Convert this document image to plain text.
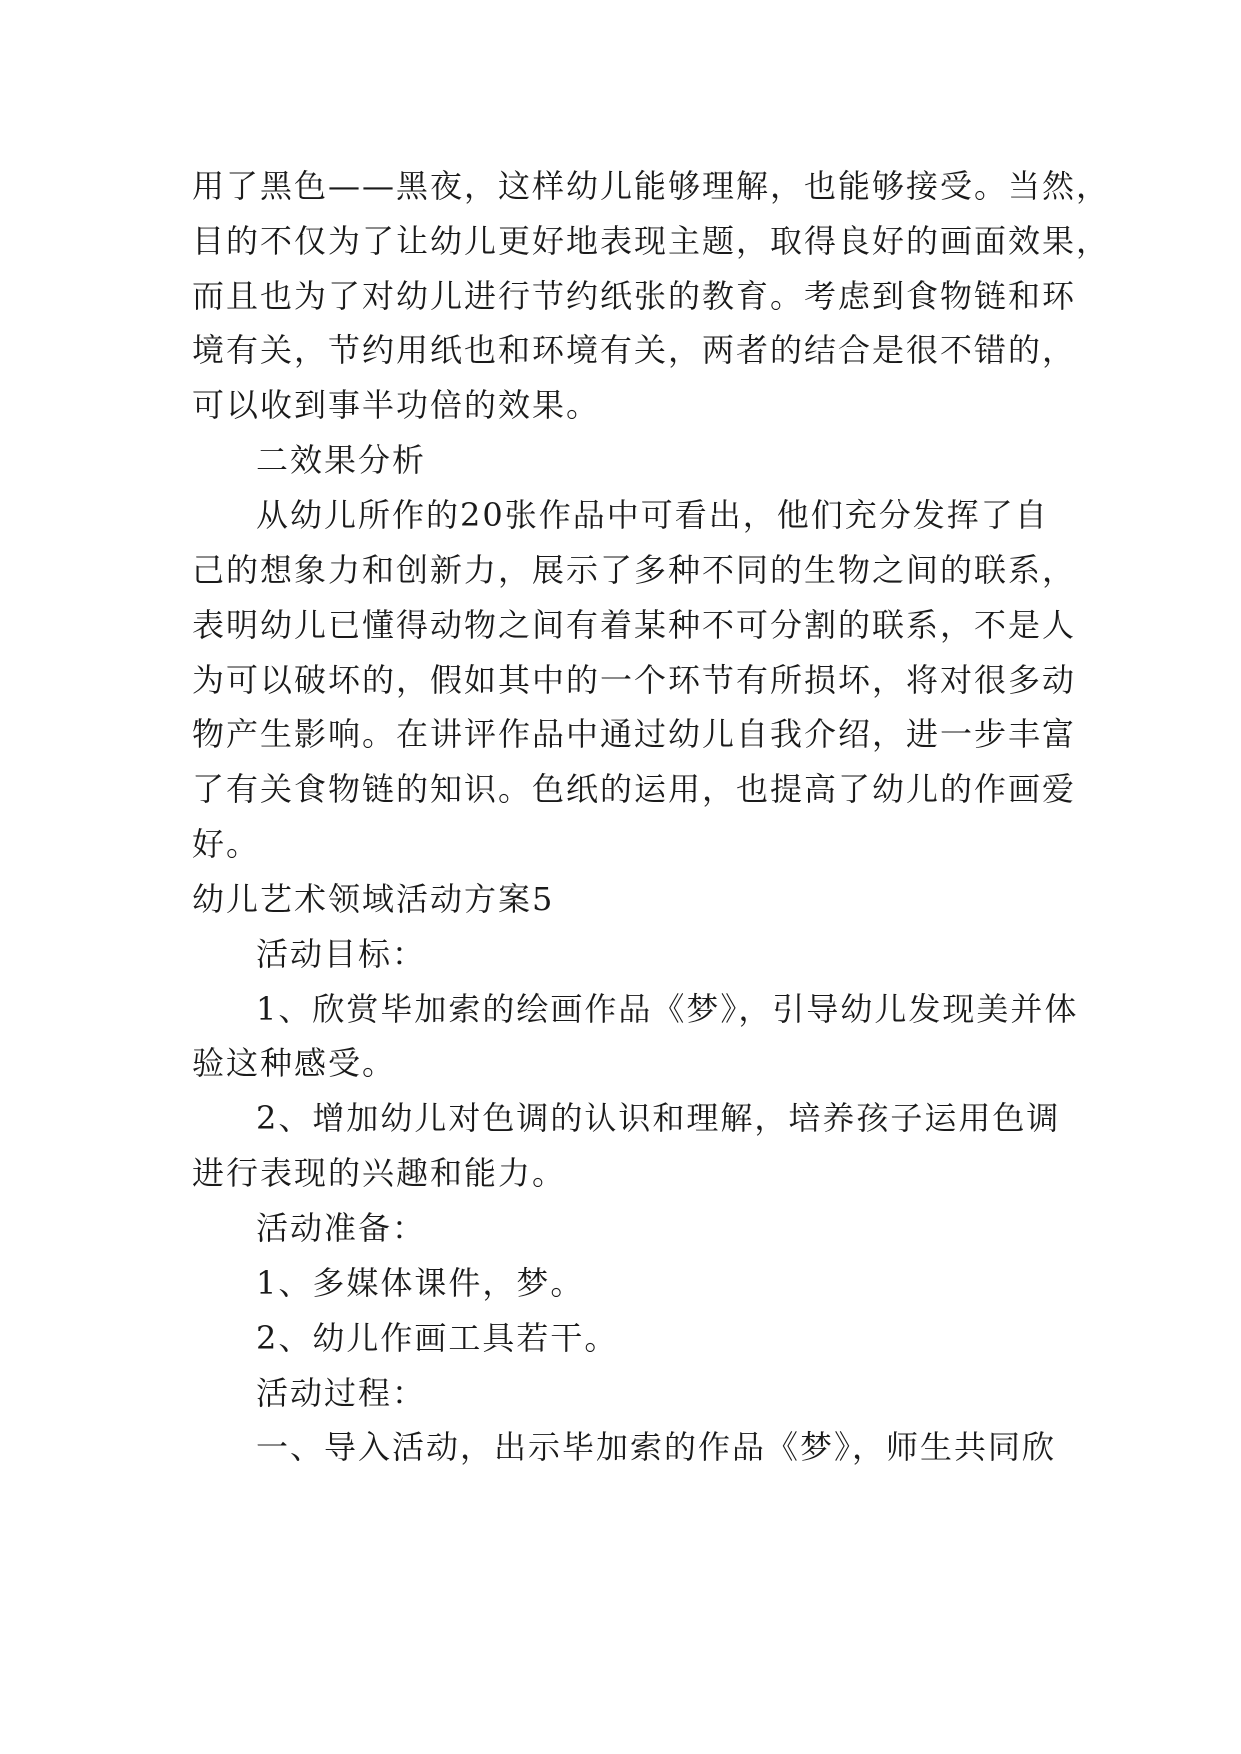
用了黑色——黑夜，这样幼儿能够理解，也能够接受。当然，
目的不仅为了让幼儿更好地表现主题，取得良好的画面效果，
而且也为了对幼儿进行节约纸张的教育。考虑到食物链和环
境有关，节约用纸也和环境有关，两者的结合是很不错的，
可以收到事半功倍的效果。
二效果分析
从幼儿所作的20张作品中可看出，他们充分发挥了自
己的想象力和创新力，展示了多种不同的生物之间的联系，
表明幼儿已懂得动物之间有着某种不可分割的联系，不是人
为可以破坏的，假如其中的一个环节有所损坏，将对很多动
物产生影响。在讲评作品中通过幼儿自我介绍，进一步丰富
了有关食物链的知识。色纸的运用，也提高了幼儿的作画爱
好。
幼儿艺术领域活动方案5
活动目标：
1、欣赏毕加索的绘画作品《梦》，引导幼儿发现美并体
验这种感受。
2、增加幼儿对色调的认识和理解，培养孩子运用色调
进行表现的兴趣和能力。
活动准备：
1、多媒体课件，梦。
2、幼儿作画工具若干。
活动过程：
一、导入活动，出示毕加索的作品《梦》，师生共同欣
